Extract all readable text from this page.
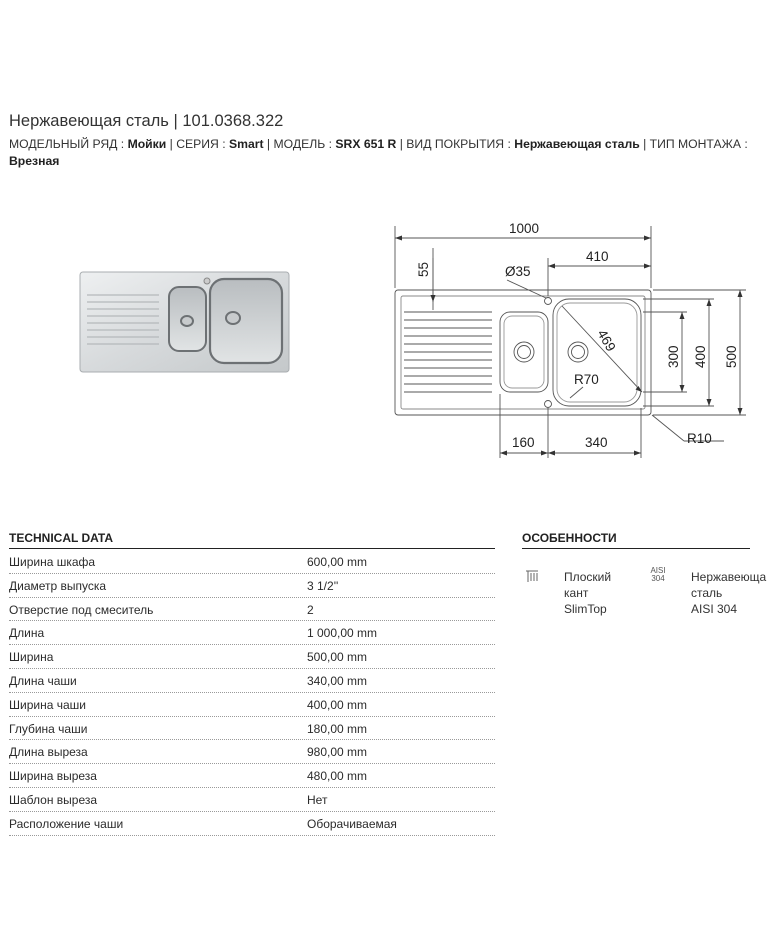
Нержавеющая сталь | 101.0368.322
МОДЕЛЬНЫЙ РЯД : Мойки | СЕРИЯ : Smart | МОДЕЛЬ : SRX 651 R | ВИД ПОКРЫТИЯ : Нержавеющая сталь | ТИП МОНТАЖА : Врезная
1000
410
55	Ø35
469
R70
300 400 500
160	340	R10
TECHNICAL DATA
Ширина шкафа	600,00 mm
Диаметр выпуска	3 1/2''
Отверстие под смеситель	2
Длина	1 000,00 mm
Ширина	500,00 mm
Длина чаши	340,00 mm
Ширина чаши	400,00 mm
Глубина чаши	180,00 mm
Длина выреза	980,00 mm
Ширина выреза	480,00 mm
Шаблон выреза	Нет
Расположение чаши	Оборачиваемая
ОСОБЕННОСТИ
Плоский
кант
SlimTop
AISI
304 Нержавеюща
сталь
AISI 304
